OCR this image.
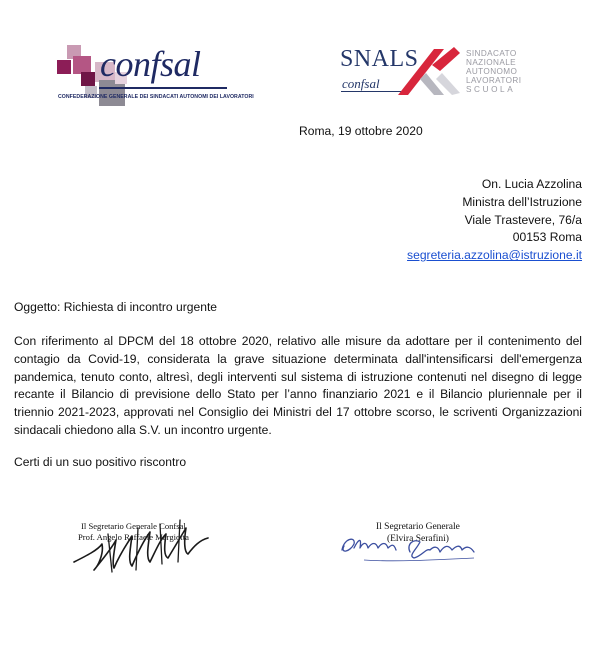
confsal
CONFEDERAZIONE GENERALE DEI SINDACATI AUTONOMI DEI LAVORATORI
SNALS
confsal
SINDACATO
NAZIONALE
AUTONOMO
LAVORATORI
SCUOLA
Roma, 19 ottobre 2020
On. Lucia Azzolina
Ministra dell’Istruzione
Viale Trastevere, 76/a
00153 Roma
segreteria.azzolina@istruzione.it
Oggetto: Richiesta di incontro urgente
Con riferimento al DPCM del 18 ottobre 2020, relativo alle misure da adottare per il contenimento del contagio da Covid-19, considerata la grave situazione determinata dall'intensificarsi dell'emergenza pandemica, tenuto conto, altresì, degli interventi sul sistema di istruzione contenuti nel disegno di legge recante il Bilancio di previsione dello Stato per l’anno finanziario 2021 e il Bilancio pluriennale per il triennio 2021-2023, approvati nel Consiglio dei Ministri del 17 ottobre scorso, le scriventi Organizzazioni sindacali chiedono alla S.V. un incontro urgente.
Certi di un suo positivo riscontro
Il Segretario Generale Confsal
Prof. Angelo Raffaele Margiotta
Il Segretario Generale
(Elvira Serafini)
